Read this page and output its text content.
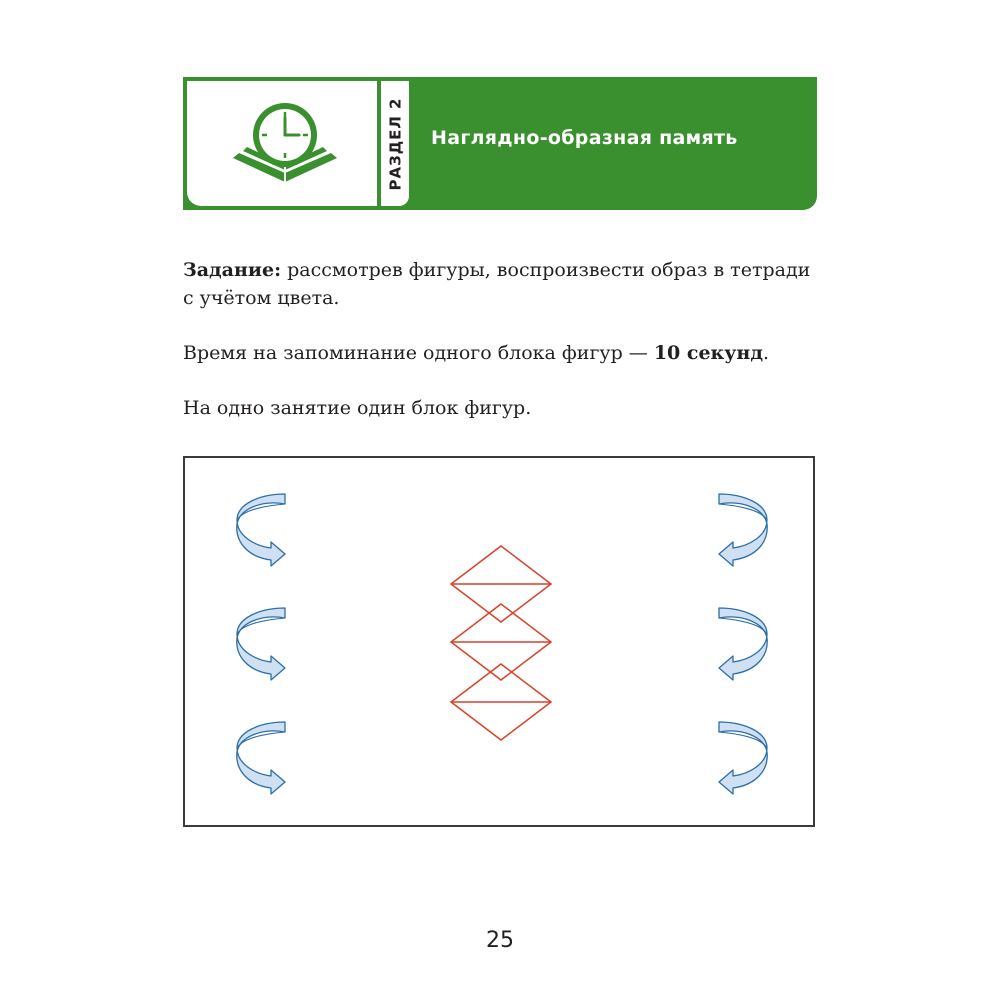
РАЗДЕЛ 2 Наглядно-образная память

Задание: рассмотрев фигуры, воспроизвести образ в тетради с учётом цвета.

Время на запоминание одного блока фигур — 10 секунд.

На одно занятие один блок фигур.

25
